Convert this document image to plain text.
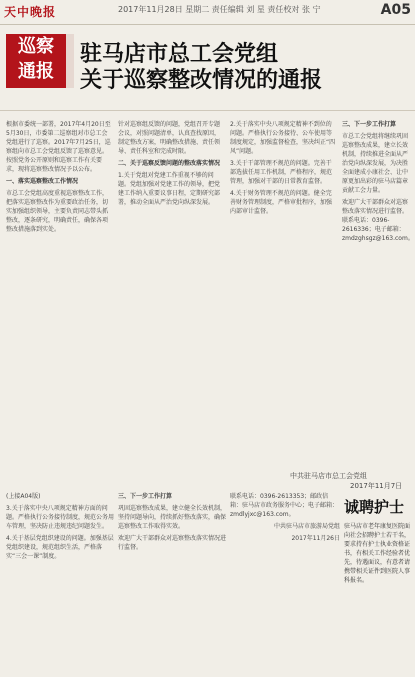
天中晚报	2017年11月28日 星期二 责任编辑 刘 星 责任校对 张 宁	A05
巡察
通报
驻马店市总工会党组
关于巡察整改情况的通报

根据市委统一部署，2017年4月20日至5月30日，市委第二巡察组对市总工会党组进行了巡察。2017年7月25日，巡察组向市总工会党组反馈了巡察意见。按照党务公开原则和巡察工作有关要求，现将巡察整改情况予以公布。

一、落实巡察整改工作情况

市总工会党组高度重视巡察整改工作，把落实巡察整改作为重要政治任务，切实加强组织领导，主要负责同志带头抓整改，逐条研究，明确责任，确保各项整改措施落到实处。

针对巡察组反馈的问题，党组召开专题会议，对照问题清单，认真查找原因，制定整改方案，明确整改措施、责任领导、责任科室和完成时限。

二、关于巡察反馈问题的整改落实情况

1.关于党组对党建工作重视不够的问题。党组加强对党建工作的领导，把党建工作纳入重要议事日程，定期研究部署，推动全面从严治党向纵深发展。

2.关于落实中央八项规定精神不到位的问题。严格执行公务接待、公车使用等制度规定，加强监督检查，坚决纠正“四风”问题。

3.关于干部管理不规范的问题。完善干部选拔任用工作机制，严格程序，规范管理，加强对干部的日常教育监督。

4.关于财务管理不规范的问题。健全完善财务管理制度，严格审批程序，加强内部审计监督。

三、下一步工作打算

市总工会党组将继续巩固巡察整改成果，建立长效机制，持续推进全面从严治党向纵深发展，为决胜全面建成小康社会、让中原更加出彩的驻马店篇章贡献工会力量。

欢迎广大干部群众对巡察整改落实情况进行监督。联系电话：0396-2616336；电子邮箱：zmdzghsgz@163.com。

中共驻马店市总工会党组
2017年11月7日

(上接A04版)

3.关于落实中央八项规定精神方面的问题。严格执行公务接待制度，规范公务用车管理，坚决防止违规违纪问题发生。

4.关于基层党组织建设的问题。加强基层党组织建设，规范组织生活，严格落实“三会一课”制度。

三、下一步工作打算

巩固巡察整改成果，建立健全长效机制，坚持问题导向，持续抓好整改落实，确保巡察整改工作取得实效。

欢迎广大干部群众对巡察整改落实情况进行监督。

联系电话：0396-2613353；邮政信箱：驻马店市政务服务中心；电子邮箱：zmdlyjxc@163.com。

中共驻马店市旅游局党组

2017年11月26日

诚聘护士
驻马店市老年康复医院面向社会招聘护士若干名，要求持有护士执业资格证书，有相关工作经验者优先，待遇面议，有意者请携带相关证件到医院人事科报名。
